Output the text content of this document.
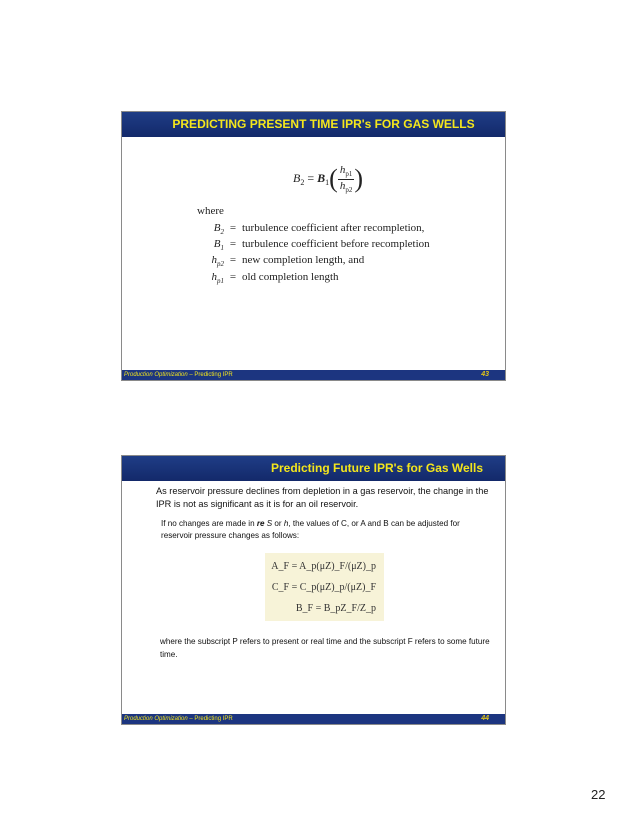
PREDICTING PRESENT TIME IPR's FOR GAS WELLS
$B_2 = B_1( \frac{h_{p1}}{h_{p2}}$ )
where
$B_2$ = turbulence coefficient after recompletion,
$B_1$ = turbulence coefficient before recompletion
$h_{p2}$ = new completion length, and
$h_{p1}$ = old completion length
Production Optimization – Predicting IPR	43
Predicting Future IPR's for Gas Wells
As reservoir pressure declines from depletion in a gas reservoir, the change in the IPR is not as significant as it is for an oil reservoir.
If no changes are made in re S or h, the values of C, or A and B can be adjusted for reservoir pressure changes as follows:
A_F = A_p(μZ)_F/(μZ)_p
C_F = C_p(μZ)_p/(μZ)_F
B_F = B_pZ_F/Z_p
where the subscript P refers to present or real time and the subscript F refers to some future time.
Production Optimization – Predicting IPR	44
22
